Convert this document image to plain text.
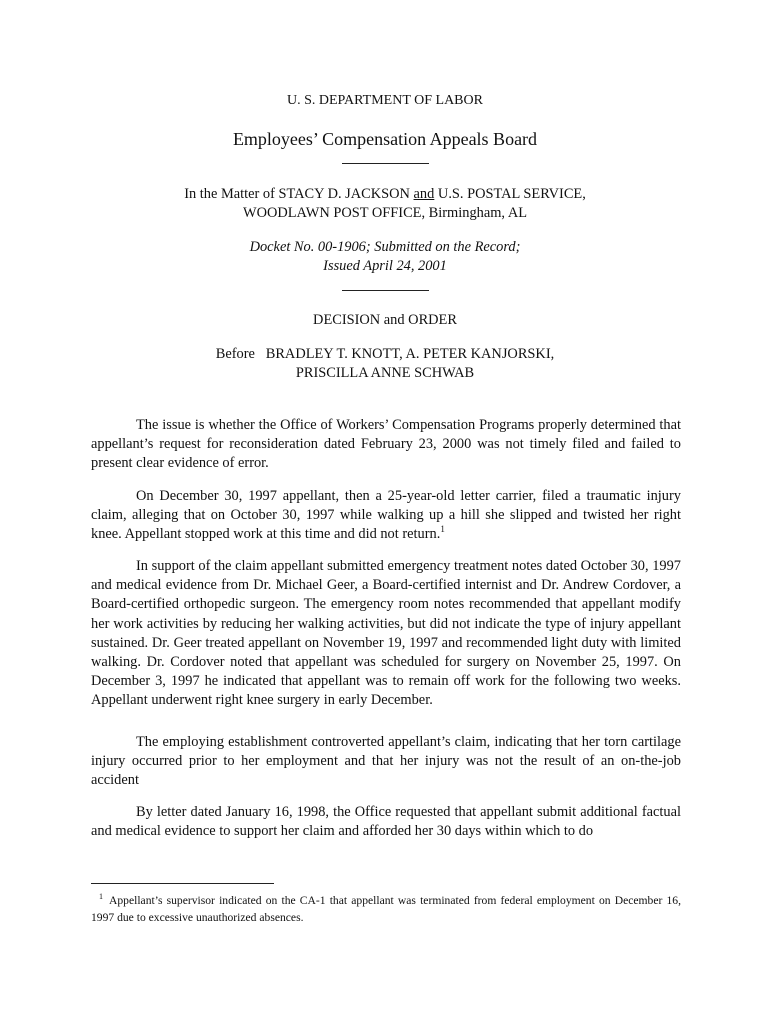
U. S. DEPARTMENT OF LABOR
Employees’ Compensation Appeals Board
In the Matter of STACY D. JACKSON and U.S. POSTAL SERVICE,
WOODLAWN POST OFFICE, Birmingham, AL
Docket No. 00-1906; Submitted on the Record;
Issued April 24, 2001
DECISION and ORDER
Before   BRADLEY T. KNOTT, A. PETER KANJORSKI,
PRISCILLA ANNE SCHWAB
The issue is whether the Office of Workers’ Compensation Programs properly determined that appellant’s request for reconsideration dated February 23, 2000 was not timely filed and failed to present clear evidence of error.
On December 30, 1997 appellant, then a 25-year-old letter carrier, filed a traumatic injury claim, alleging that on October 30, 1997 while walking up a hill she slipped and twisted her right knee. Appellant stopped work at this time and did not return.$^1$
In support of the claim appellant submitted emergency treatment notes dated October 30, 1997 and medical evidence from Dr. Michael Geer, a Board-certified internist and Dr. Andrew Cordover, a Board-certified orthopedic surgeon. The emergency room notes recommended that appellant modify her work activities by reducing her walking activities, but did not indicate the type of injury appellant sustained. Dr. Geer treated appellant on November 19, 1997 and recommended light duty with limited walking. Dr. Cordover noted that appellant was scheduled for surgery on November 25, 1997. On December 3, 1997 he indicated that appellant was to remain off work for the following two weeks. Appellant underwent right knee surgery in early December.
The employing establishment controverted appellant’s claim, indicating that her torn cartilage injury occurred prior to her employment and that her injury was not the result of an on-the-job accident
By letter dated January 16, 1998, the Office requested that appellant submit additional factual and medical evidence to support her claim and afforded her 30 days within which to do
$^1$ Appellant’s supervisor indicated on the CA-1 that appellant was terminated from federal employment on December 16, 1997 due to excessive unauthorized absences.
